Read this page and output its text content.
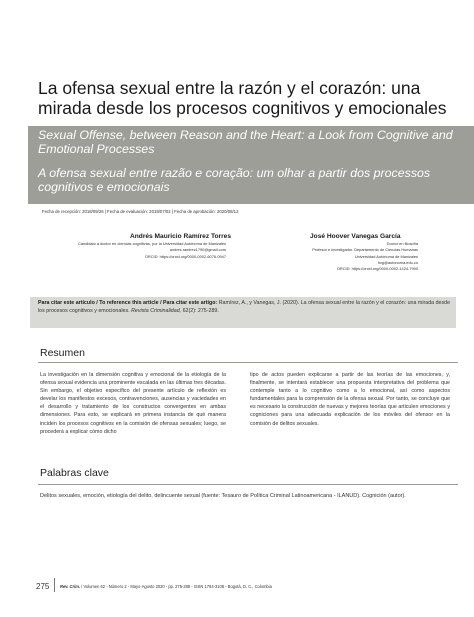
La ofensa sexual entre la razón y el corazón: una mirada desde los procesos cognitivos y emocionales
Sexual Offense, between Reason and the Heart: a Look from Cognitive and Emotional Processes
A ofensa sexual entre razão e coração: um olhar a partir dos processos cognitivos e emocionais
Fecha de recepción: 2018/09/26 | Fecha de evaluación: 2019/07/02 | Fecha de aprobación: 2020/08/12
Andrés Mauricio Ramírez Torres
Candidato a doctor en ciencias cognitivas, por la Universidad Autónoma de Manizales
andres.ramirez1790@gmail.com
ORCID: https://orcid.org/0000-0002-6076-0947
José Hoover Vanegas García
Doctor en filosofía
Profesor e investigador. Departamento de Ciencias Humanas
Universidad Autónoma de Manizales
hvg@autonoma.edu.co
ORCID: https://orcid.org/0000-0002-1424-7990
Para citar este artículo / To reference this article / Para citar este artigo: Ramírez, A., y Vanegas, J. (2020). La ofensa sexual entre la razón y el corazón: una mirada desde los procesos cognitivos y emocionales. Revista Criminalidad, 62(2): 275-289.
Resumen
La investigación en la dimensión cognitiva y emocional de la etiología de la ofensa sexual evidencia una prominente escalada en las últimas tres décadas. Sin embargo, el objetivo específico del presente artículo de reflexión es develar los manifiestos excesos, contravenciones, ausencias y vaciedades en el desarrollo y tratamiento de los constructos convergentes en ambas dimensiones. Para esto, se explicará en primera instancia de qué manera inciden los procesos cognitivos en la comisión de ofensas sexuales; luego, se procederá a explicar cómo dicho
tipo de actos pueden explicarse a partir de las teorías de las emociones, y, finalmente, se intentará establecer una propuesta interpretativa del problema que contemple tanto a lo cognitivo como a lo emocional, así como aspectos fundamentales para la comprensión de la ofensa sexual. Por tanto, se concluye que es necesario la construcción de nuevas y mejores teorías que articulen emociones y cogniciones para una adecuada explicación de los móviles del ofensor en la comisión de delitos sexuales.
Palabras clave
Delitos sexuales, emoción, etiología del delito, delincuente sexual (fuente: Tesauro de Política Criminal Latinoamericana - ILANUD). Cognición (autor).
275	Rev. Crim. / Volumen 62 - Número 2 - Mayo-Agosto 2020 - pp. 275-289 - ISSN 1794-3108 - Bogotá, D. C., Colombia
